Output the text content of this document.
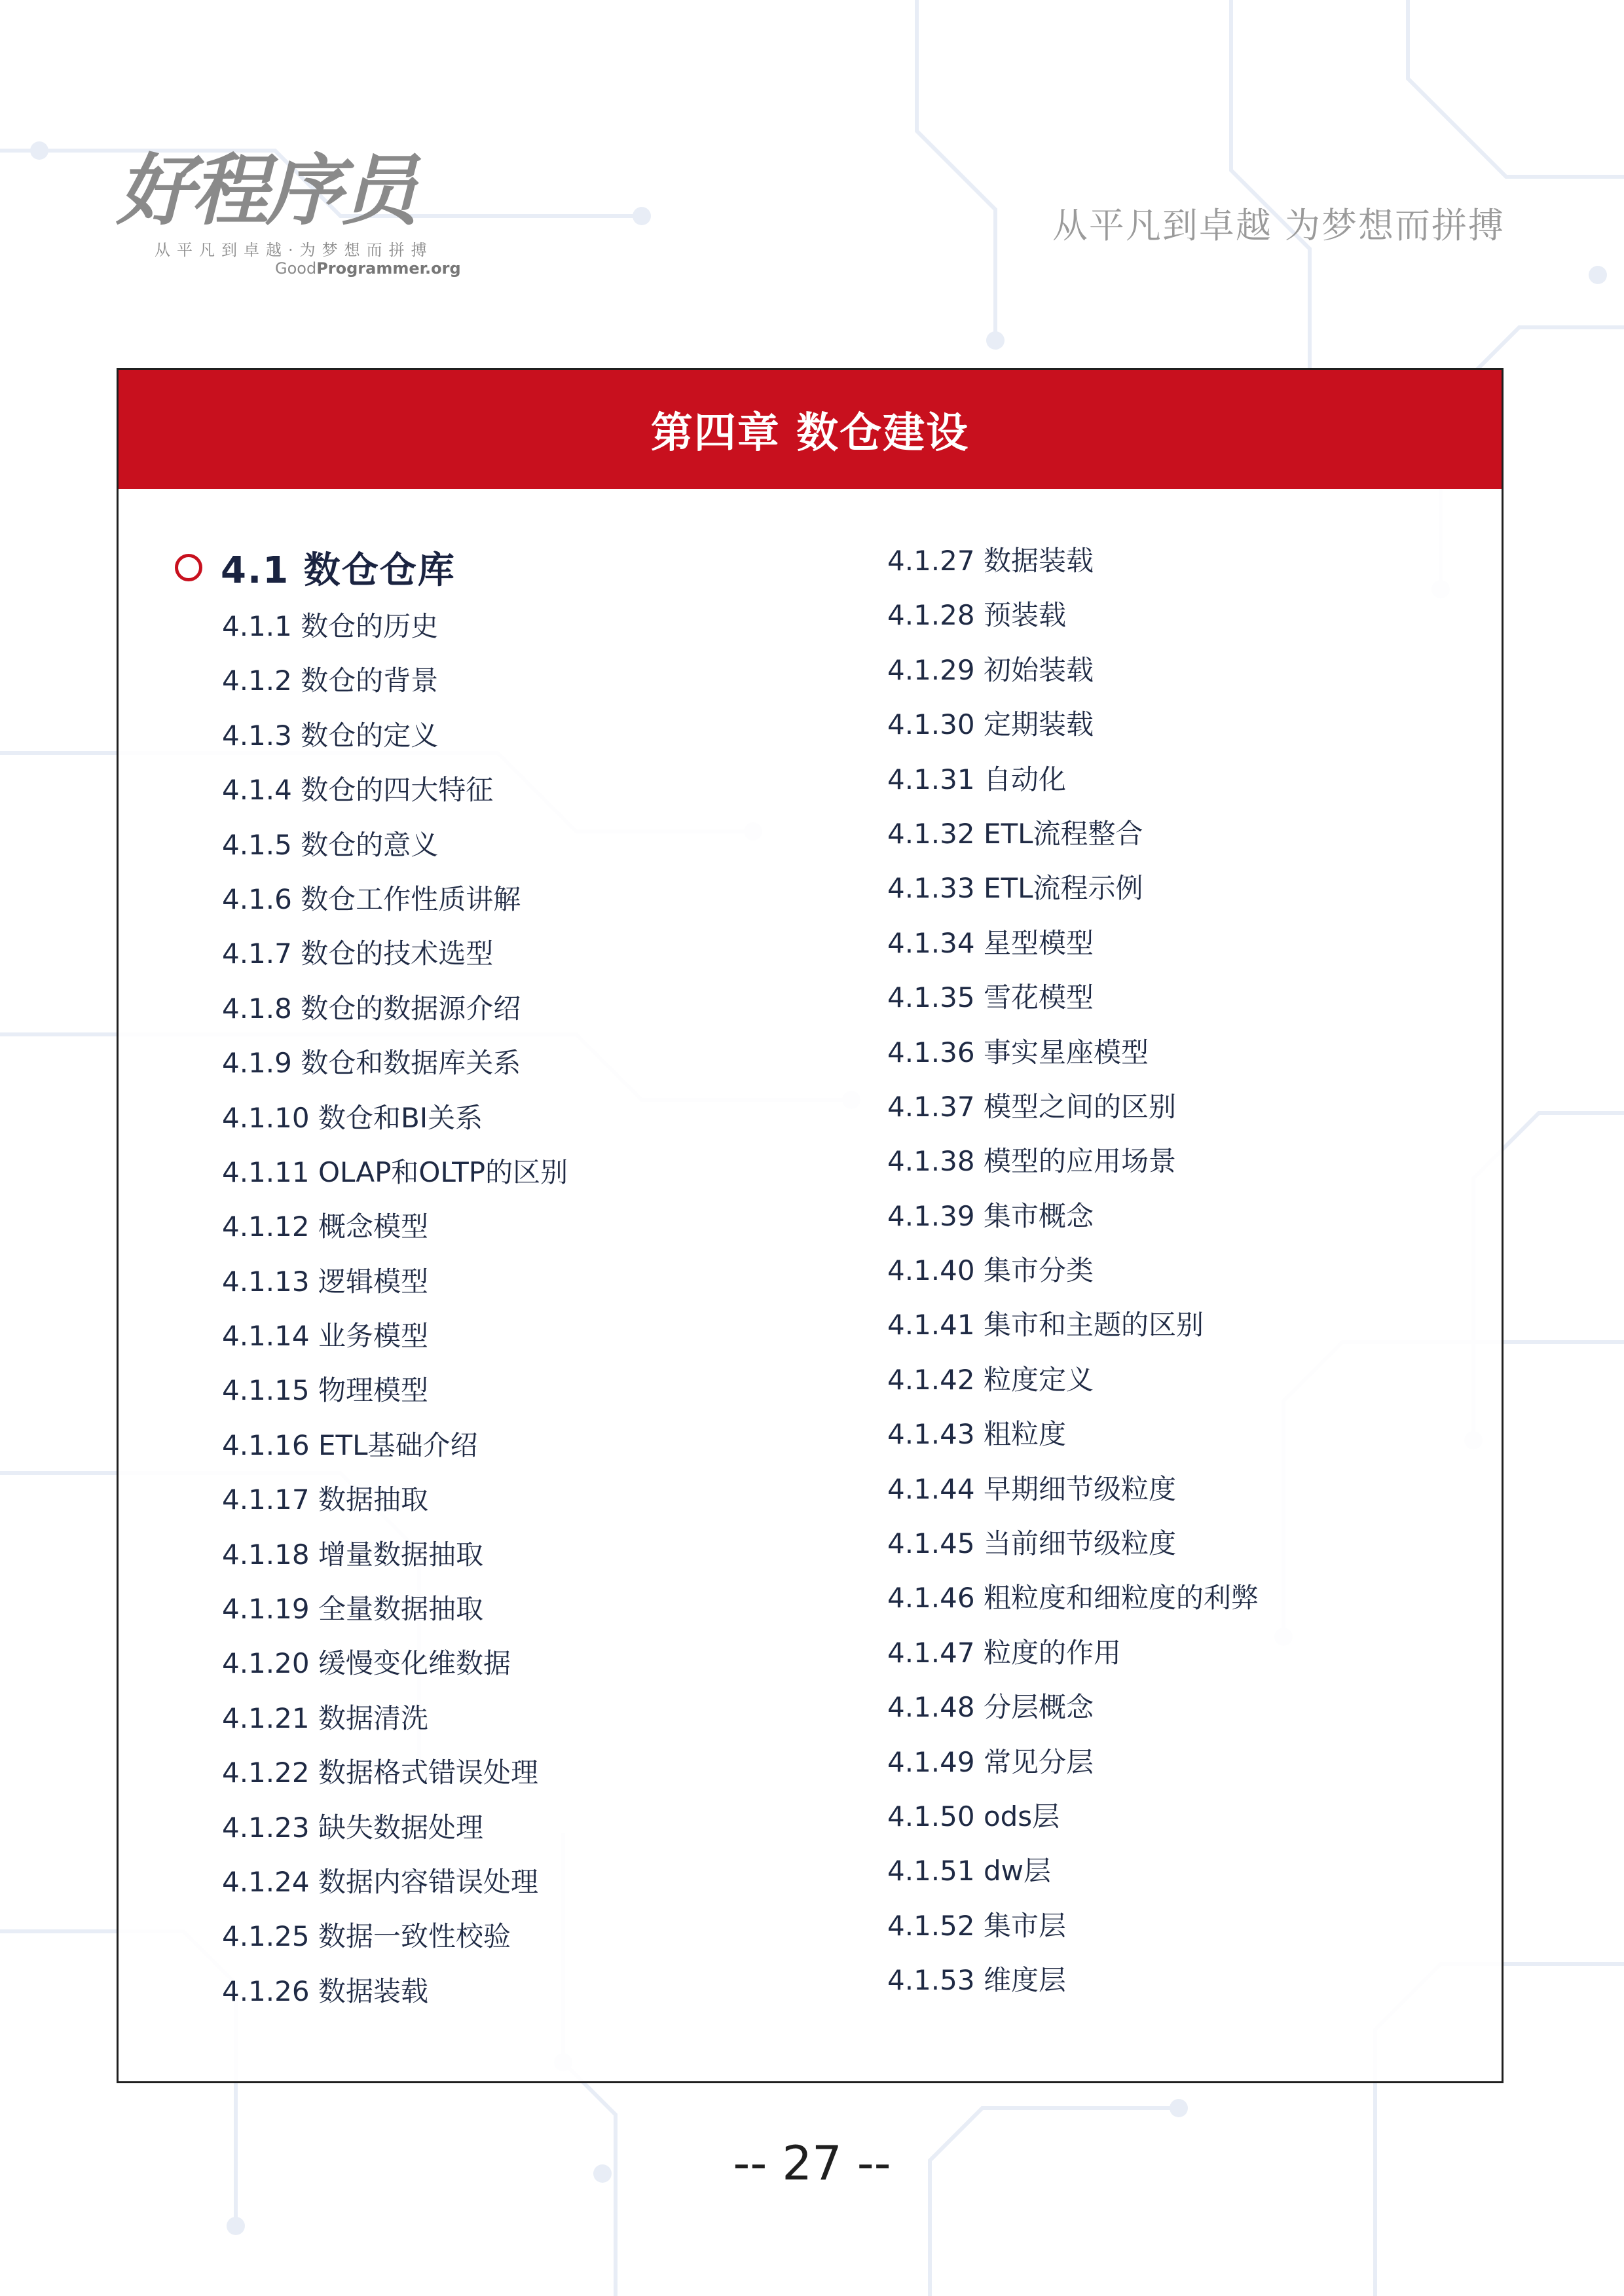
好程序员
从平凡到卓越·为梦想而拼搏
GoodProgrammer.org
从平凡到卓越 为梦想而拼搏
第四章 数仓建设
4.1 数仓仓库
4.1.1 数仓的历史
4.1.2 数仓的背景
4.1.3 数仓的定义
4.1.4 数仓的四大特征
4.1.5 数仓的意义
4.1.6 数仓工作性质讲解
4.1.7 数仓的技术选型
4.1.8 数仓的数据源介绍
4.1.9 数仓和数据库关系
4.1.10 数仓和BI关系
4.1.11 OLAP和OLTP的区别
4.1.12 概念模型
4.1.13 逻辑模型
4.1.14 业务模型
4.1.15 物理模型
4.1.16 ETL基础介绍
4.1.17 数据抽取
4.1.18 增量数据抽取
4.1.19 全量数据抽取
4.1.20 缓慢变化维数据
4.1.21 数据清洗
4.1.22 数据格式错误处理
4.1.23 缺失数据处理
4.1.24 数据内容错误处理
4.1.25 数据一致性校验
4.1.26 数据装载
4.1.27 数据装载
4.1.28 预装载
4.1.29 初始装载
4.1.30 定期装载
4.1.31 自动化
4.1.32 ETL流程整合
4.1.33 ETL流程示例
4.1.34 星型模型
4.1.35 雪花模型
4.1.36 事实星座模型
4.1.37 模型之间的区别
4.1.38 模型的应用场景
4.1.39 集市概念
4.1.40 集市分类
4.1.41 集市和主题的区别
4.1.42 粒度定义
4.1.43 粗粒度
4.1.44 早期细节级粒度
4.1.45 当前细节级粒度
4.1.46 粗粒度和细粒度的利弊
4.1.47 粒度的作用
4.1.48 分层概念
4.1.49 常见分层
4.1.50 ods层
4.1.51 dw层
4.1.52 集市层
4.1.53 维度层
-- 27 --
